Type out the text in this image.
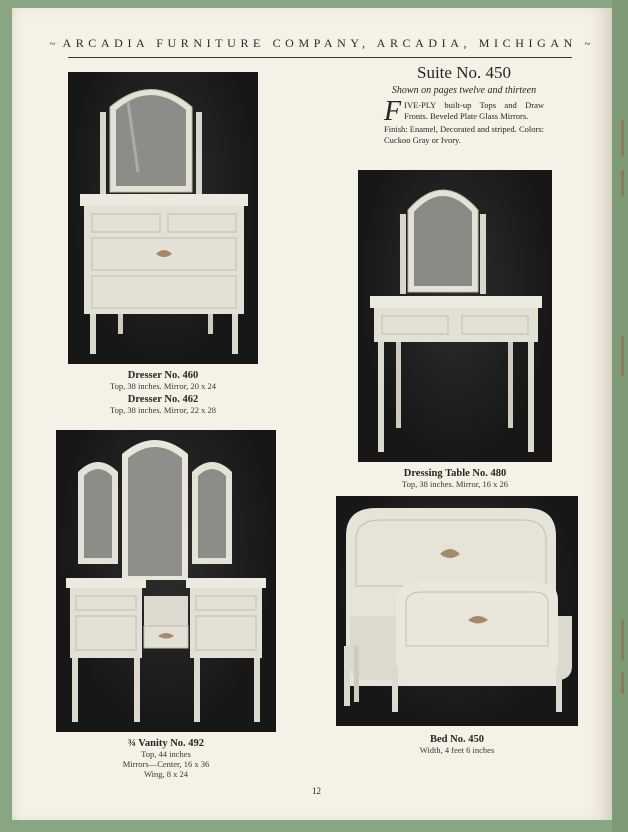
~ ARCADIA FURNITURE COMPANY, ARCADIA, MICHIGAN ~
Suite No. 450
Shown on pages twelve and thirteen
FIVE-PLY built-up Tops and Draw Fronts. Beveled Plate Glass Mirrors.
Finish: Enamel, Decorated and striped. Colors: Cuckoo Gray or Ivory.
Dresser No. 460
Top, 38 inches. Mirror, 20 x 24
Dresser No. 462
Top, 38 inches. Mirror, 22 x 28
Dressing Table No. 480
Top, 38 inches. Mirror, 16 x 26
¾ Vanity No. 492
Top, 44 inches
Mirrors—Center, 16 x 36
Wing, 8 x 24
Bed No. 450
Width, 4 feet 6 inches
12
